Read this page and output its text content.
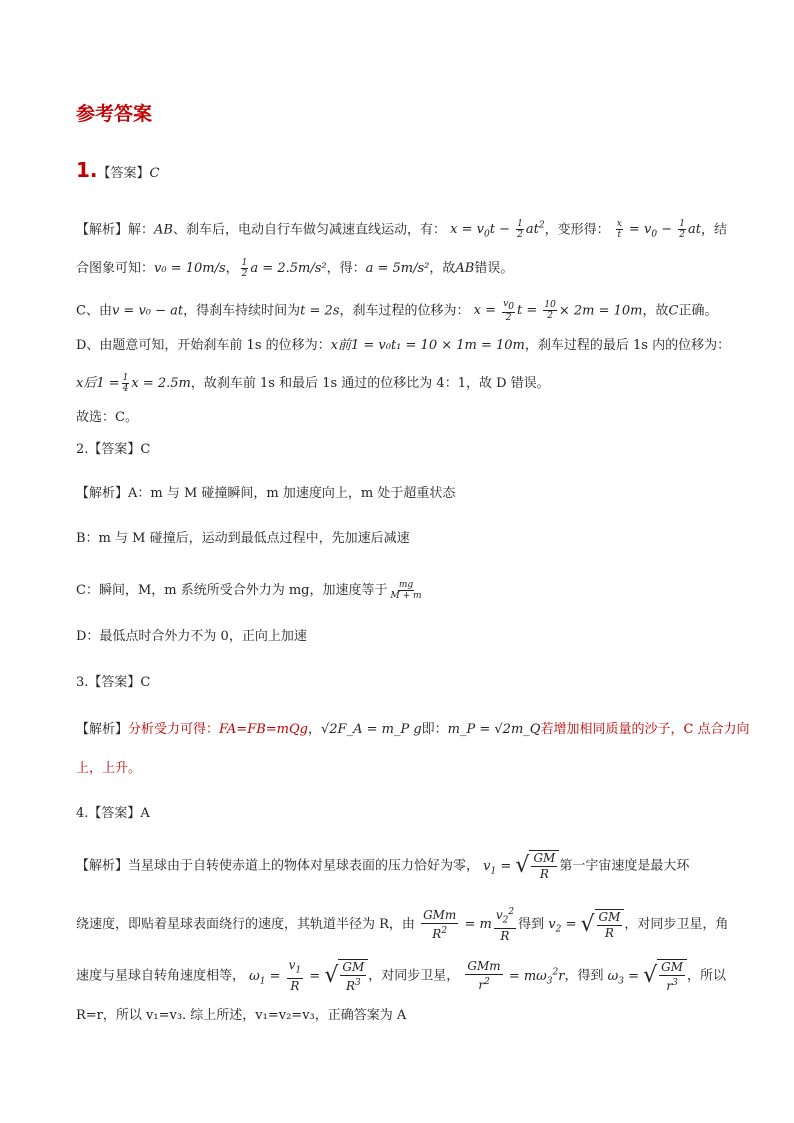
参考答案
1.【答案】C
【解析】解：AB、刹车后，电动自行车做匀减速直线运动，有： $x = v_0t - \frac{1}{2} at^2$，变形得： $\frac{x}{t} = v_0 - \frac{1}{2}$ at，结
合图象可知：v₀ = 10m/s， $\frac{1}{2}$ a = 2.5m/s²，得：a = 5m/s²，故AB错误。
C、由v = v₀ − at，得刹车持续时间为t = 2s，刹车过程的位移为： $x = \frac{v_0}{2}$ $t = \frac{10}{2} \times 2m = 10m$，故C正确。
D、由题意可知，开始刹车前 1s 的位移为：x前1 = v₀t₁ = 10 × 1m = 10m，刹车过程的最后 1s 内的位移为：
x后$1 = \frac{1}{4}$ x = 2.5m，故刹车前 1s 和最后 1s 通过的位移比为 4：1，故 D 错误。
故选：C。
2.【答案】C
【解析】A：m 与 M 碰撞瞬间，m 加速度向上，m 处于超重状态
B：m 与 M 碰撞后，运动到最低点过程中，先加速后减速
C：瞬间，M，m 系统所受合外力为 mg，加速度等于 $\frac{mg}{M + m}$
D：最低点时合外力不为 0，正向上加速
3.【答案】C
【解析】分析受力可得：FA=FB=mQg，√2F_A = m_P g即：m_P = √2m_Q若增加相同质量的沙子，C 点合力向
上，上升。
4.【答案】A
【解析】当星球由于自转使赤道上的物体对星球表面的压力恰好为零， $v_1$ = √ $\frac{GM}{R}$ 第一宇宙速度是最大环
绕速度，即贴着星球表面绕行的速度，其轨道半径为 R，由 $\frac{\text{GMm}}{R^2} = m \frac{v_2^2}{R}$ 得到 $v_2$ = √ $\frac{GM}{R}$ ，对同步卫星，角
速度与星球自转角速度相等， $\omega_1 = \frac{v_1}{R}$ = √ $\frac{GM}{R^3}$ ，对同步卫星， $\frac{\text{GMm}}{r^2} = m\omega_3^2r$，得到 $\omega_3$ = √ $\frac{GM}{r^3}$ ，所以
R=r，所以 v₁=v₃. 综上所述，v₁=v₂=v₃，正确答案为 A
